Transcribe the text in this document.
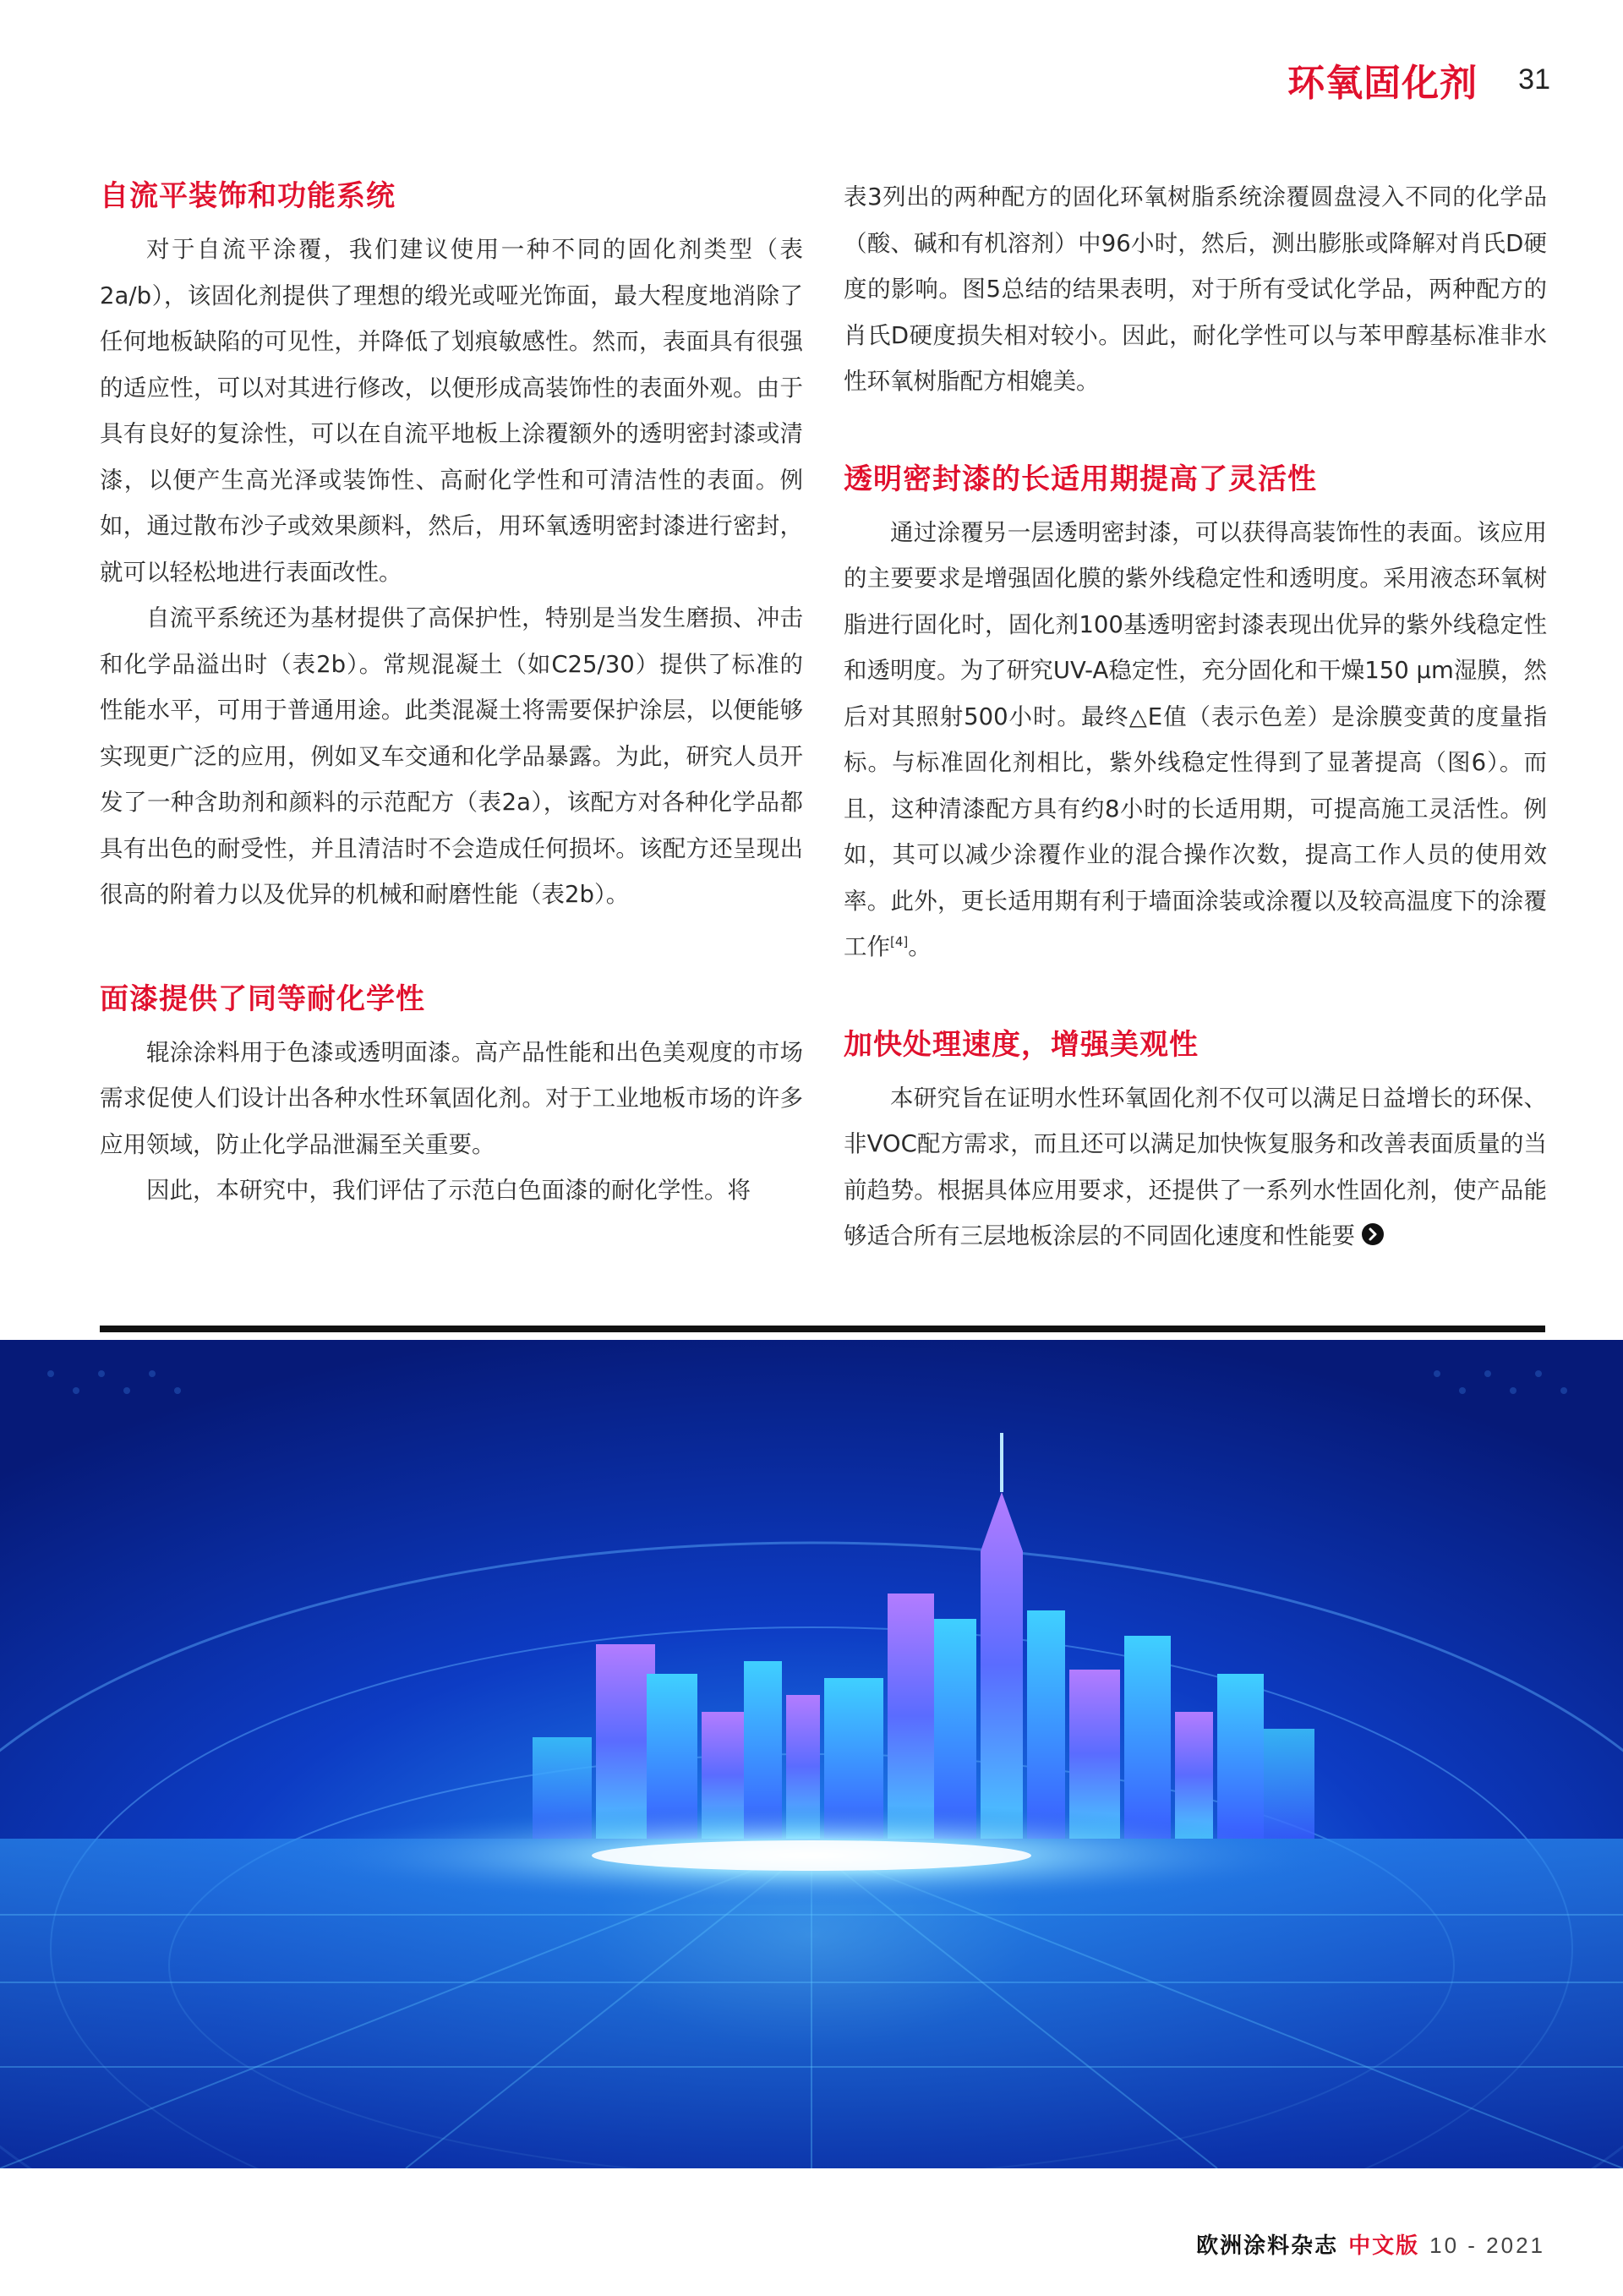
环氧固化剂 31
自流平装饰和功能系统

对于自流平涂覆，我们建议使用一种不同的固化剂类型（表2a/b），该固化剂提供了理想的缎光或哑光饰面，最大程度地消除了任何地板缺陷的可见性，并降低了划痕敏感性。然而，表面具有很强的适应性，可以对其进行修改，以便形成高装饰性的表面外观。由于具有良好的复涂性，可以在自流平地板上涂覆额外的透明密封漆或清漆，以便产生高光泽或装饰性、高耐化学性和可清洁性的表面。例如，通过散布沙子或效果颜料，然后，用环氧透明密封漆进行密封，就可以轻松地进行表面改性。

自流平系统还为基材提供了高保护性，特别是当发生磨损、冲击和化学品溢出时（表2b）。常规混凝土（如C25/30）提供了标准的性能水平，可用于普通用途。此类混凝土将需要保护涂层，以便能够实现更广泛的应用，例如叉车交通和化学品暴露。为此，研究人员开发了一种含助剂和颜料的示范配方（表2a），该配方对各种化学品都具有出色的耐受性，并且清洁时不会造成任何损坏。该配方还呈现出很高的附着力以及优异的机械和耐磨性能（表2b）。

面漆提供了同等耐化学性

辊涂涂料用于色漆或透明面漆。高产品性能和出色美观度的市场需求促使人们设计出各种水性环氧固化剂。对于工业地板市场的许多应用领域，防止化学品泄漏至关重要。

因此，本研究中，我们评估了示范白色面漆的耐化学性。将

表3列出的两种配方的固化环氧树脂系统涂覆圆盘浸入不同的化学品（酸、碱和有机溶剂）中96小时，然后，测出膨胀或降解对肖氏D硬度的影响。图5总结的结果表明，对于所有受试化学品，两种配方的肖氏D硬度损失相对较小。因此，耐化学性可以与苯甲醇基标准非水性环氧树脂配方相媲美。

透明密封漆的长适用期提高了灵活性

通过涂覆另一层透明密封漆，可以获得高装饰性的表面。该应用的主要要求是增强固化膜的紫外线稳定性和透明度。采用液态环氧树脂进行固化时，固化剂100基透明密封漆表现出优异的紫外线稳定性和透明度。为了研究UV-A稳定性，充分固化和干燥150 μm湿膜，然后对其照射500小时。最终△E值（表示色差）是涂膜变黄的度量指标。与标准固化剂相比，紫外线稳定性得到了显著提高（图6）。而且，这种清漆配方具有约8小时的长适用期，可提高施工灵活性。例如，其可以减少涂覆作业的混合操作次数，提高工作人员的使用效率。此外，更长适用期有利于墙面涂装或涂覆以及较高温度下的涂覆工作[4]。

加快处理速度，增强美观性

本研究旨在证明水性环氧固化剂不仅可以满足日益增长的环保、非VOC配方需求，而且还可以满足加快恢复服务和改善表面质量的当前趋势。根据具体应用要求，还提供了一系列水性固化剂，使产品能够适合所有三层地板涂层的不同固化速度和性能要

欧洲涂料杂志 中文版 10 - 2021
